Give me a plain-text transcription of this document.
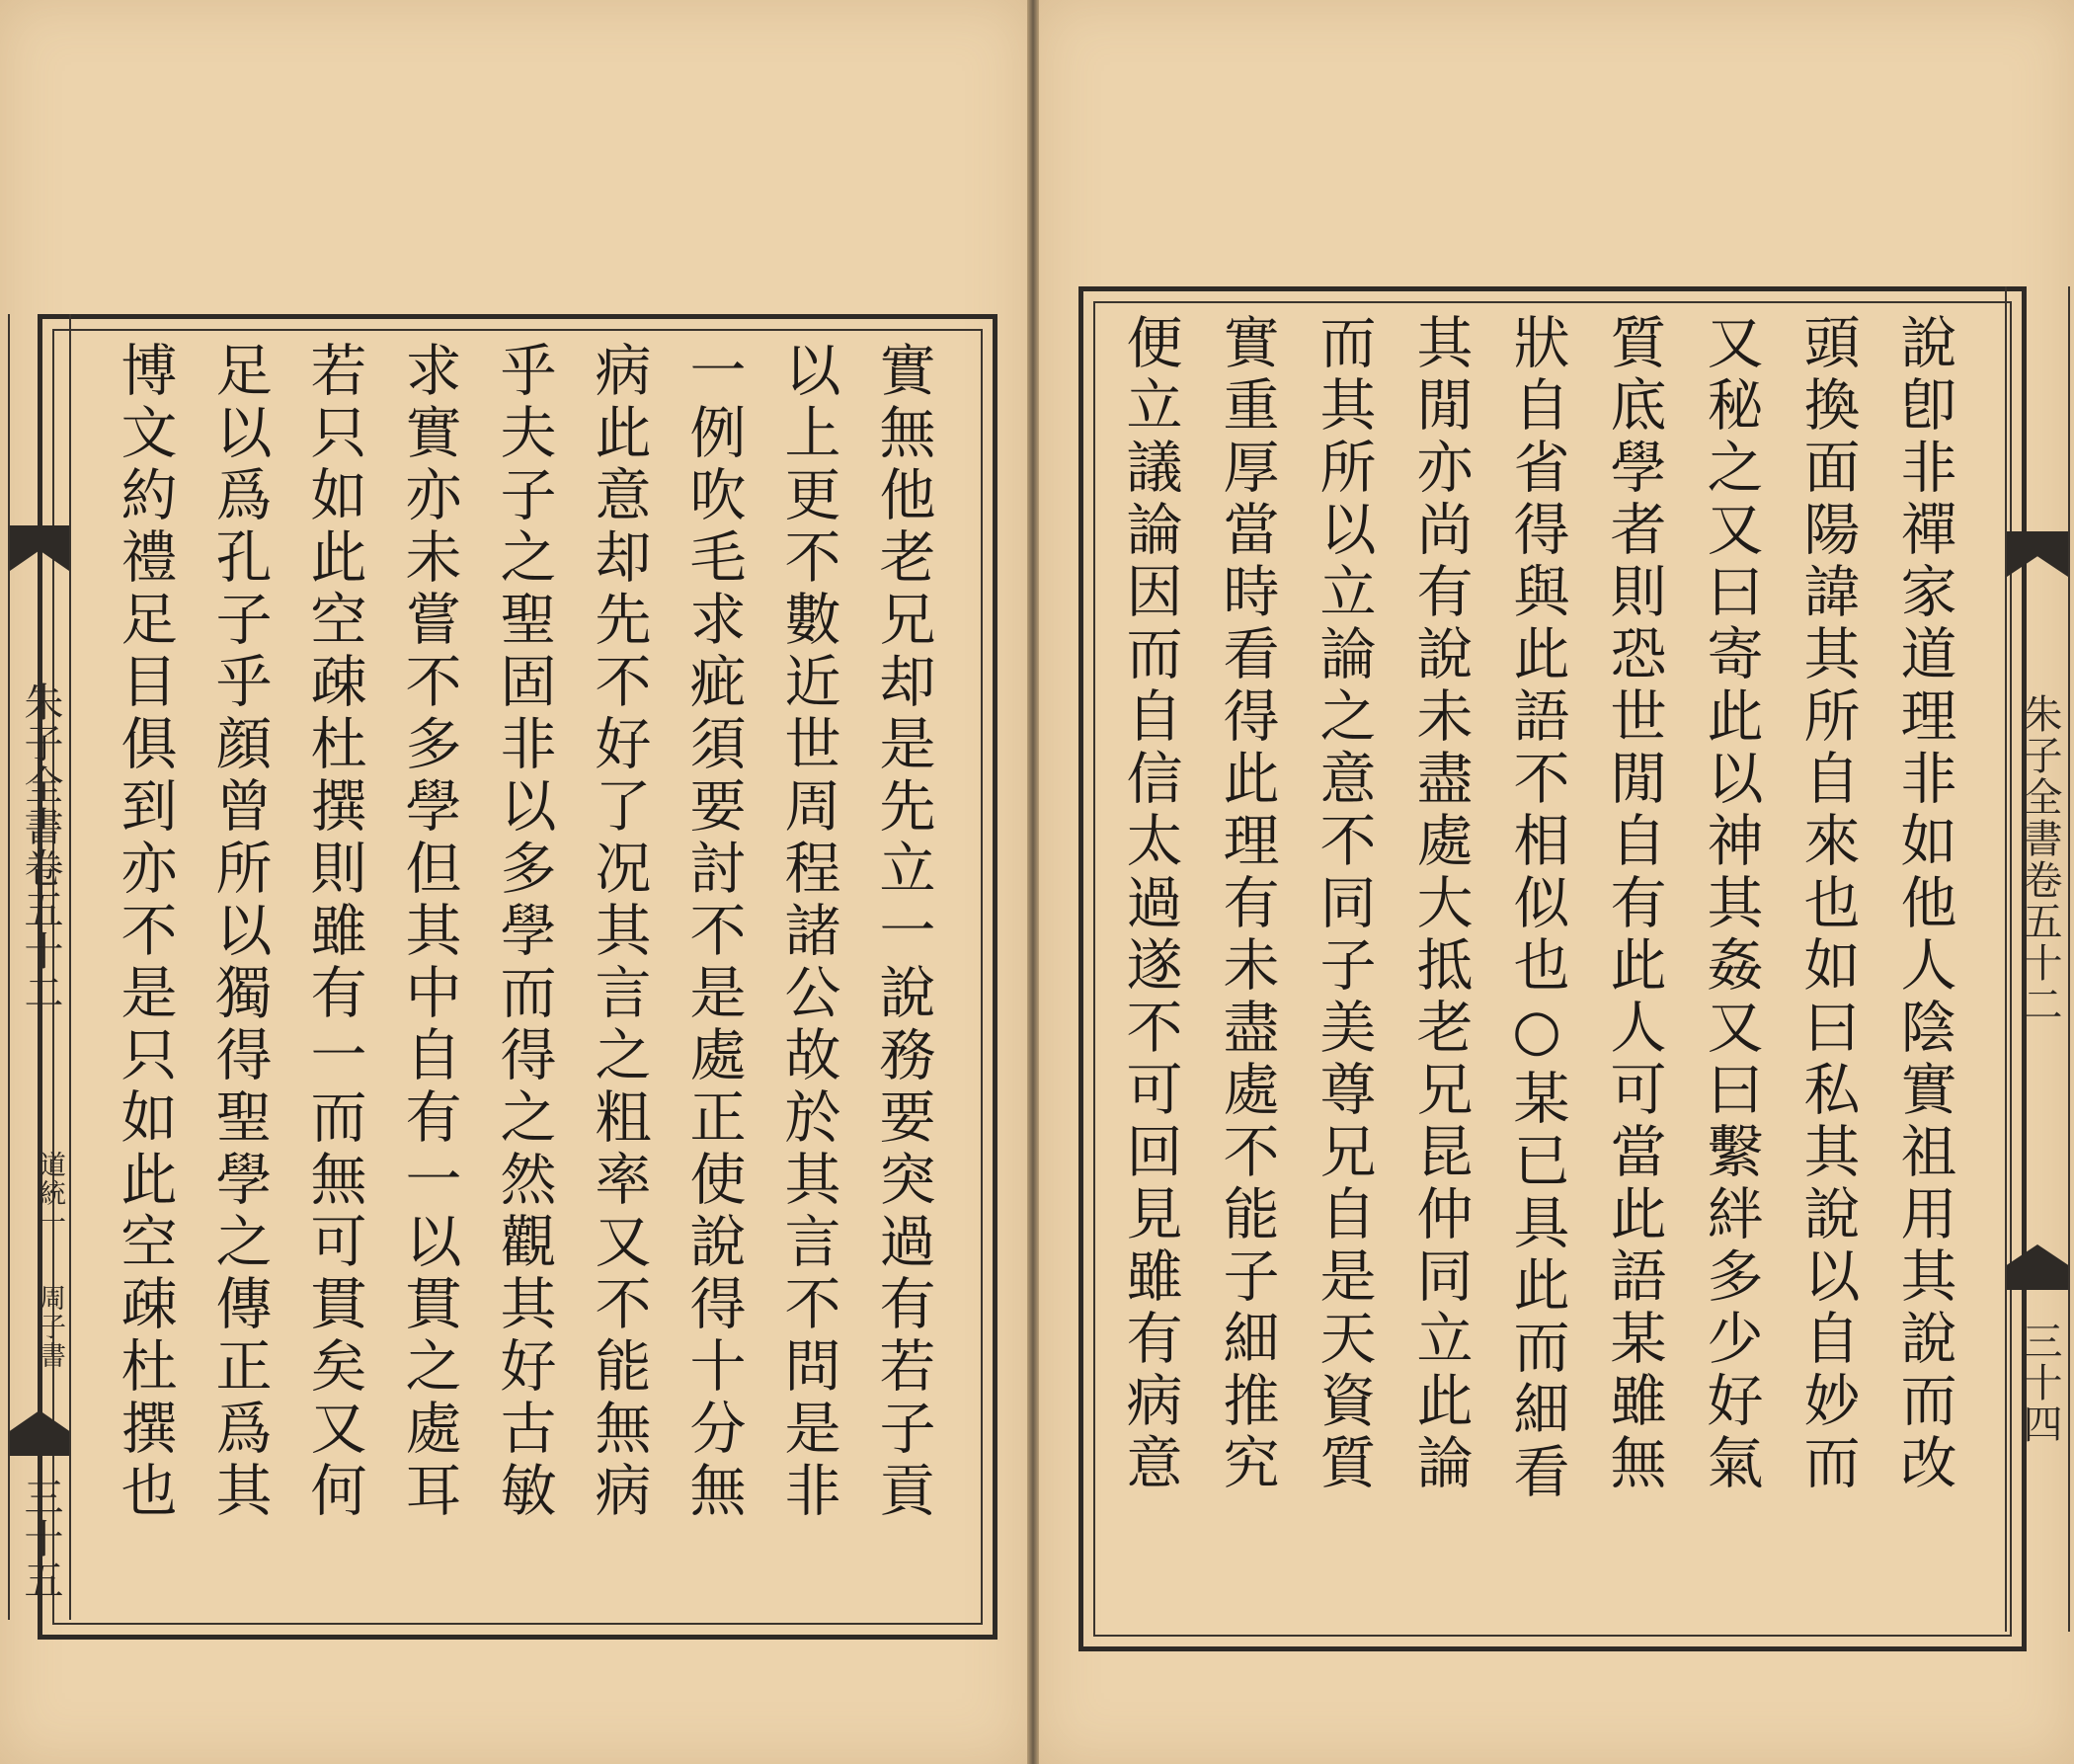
實無他老兄却是先立一說務要突過有若子貢
以上更不數近世周程諸公故於其言不問是非
一例吹毛求疵須要討不是處正使說得十分無
病此意却先不好了况其言之粗率又不能無病
乎夫子之聖固非以多學而得之然觀其好古敏
求實亦未嘗不多學但其中自有一以貫之處耳
若只如此空疎杜撰則雖有一而無可貫矣又何
足以爲孔子乎顔曾所以獨得聖學之傳正爲其
博文約禮足目俱到亦不是只如此空疎杜撰也
朱子全書卷五十二
道統一
周子書
三十五
說卽非禪家道理非如他人陰實祖用其說而改
頭換面陽諱其所自來也如曰私其說以自妙而
又秘之又曰寄此以神其姦又曰繫絆多少好氣
質底學者則恐世閒自有此人可當此語某雖無
狀自省得與此語不相似也○某已具此而細看
其閒亦尚有說未盡處大抵老兄昆仲同立此論
而其所以立論之意不同子美尊兄自是天資質
實重厚當時看得此理有未盡處不能子細推究
便立議論因而自信太過遂不可回見雖有病意	朱子全書卷五十二
三十四
